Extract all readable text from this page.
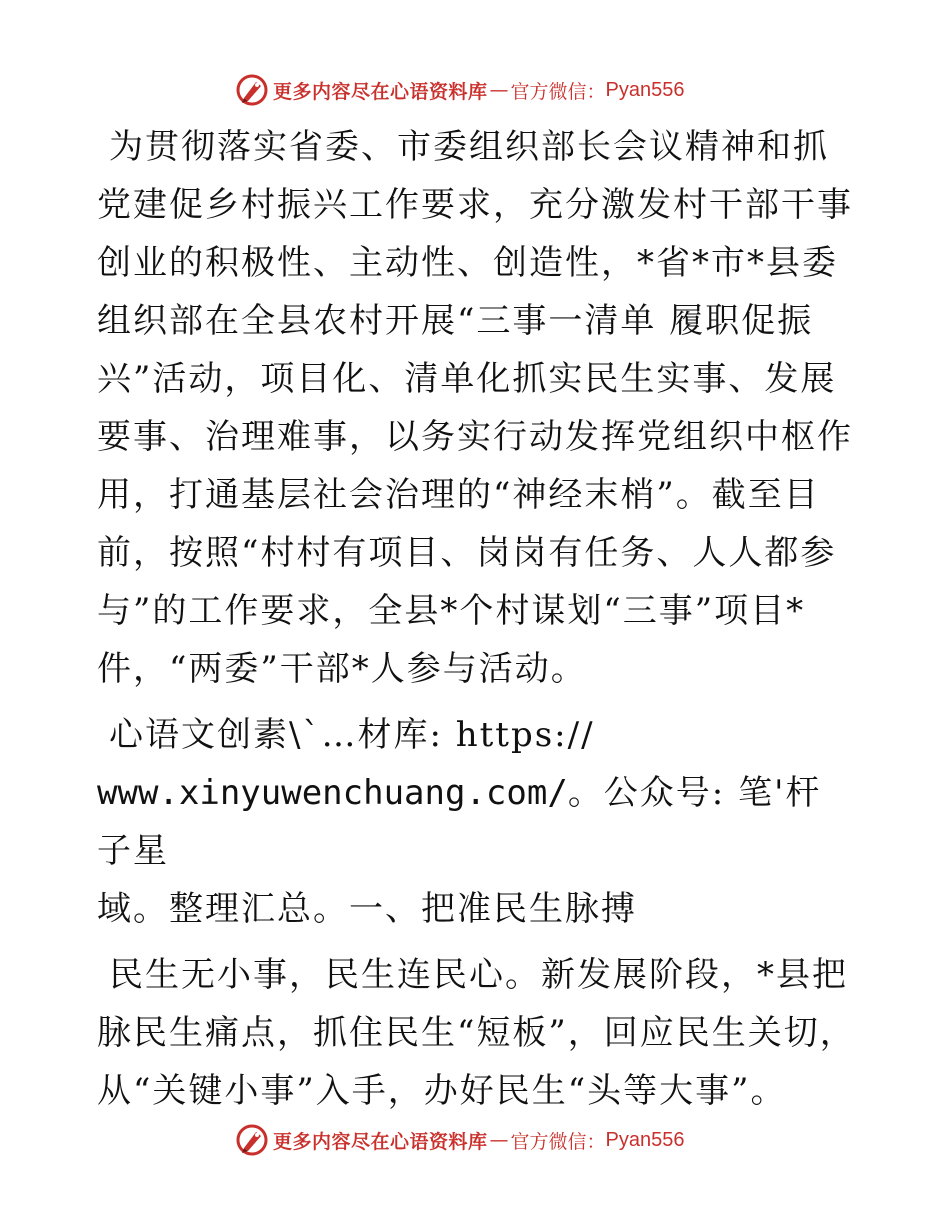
更多内容尽在心语资料库 — 官方微信： Pyan556

为贯彻落实省委、市委组织部长会议精神和抓党建促乡村振兴工作要求，充分激发村干部干事创业的积极性、主动性、创造性，*省*市*县委组织部在全县农村开展“三事一清单 履职促振兴”活动，项目化、清单化抓实民生实事、发展要事、治理难事，以务实行动发挥党组织中枢作用，打通基层社会治理的“神经末梢”。截至目前，按照“村村有项目、岗岗有任务、人人都参与”的工作要求，全县*个村谋划“三事”项目*件，“两委”干部*人参与活动。

心语文创素\`…材库: https://
www.xinyuwenchuang.com/。公众号: 笔'杆子星
域。整理汇总。一、把准民生脉搏

民生无小事，民生连民心。新发展阶段，*县把脉民生痛点，抓住民生“短板”，回应民生关切，从“关键小事”入手，办好民生“头等大事”。

更多内容尽在心语资料库 — 官方微信： Pyan556
